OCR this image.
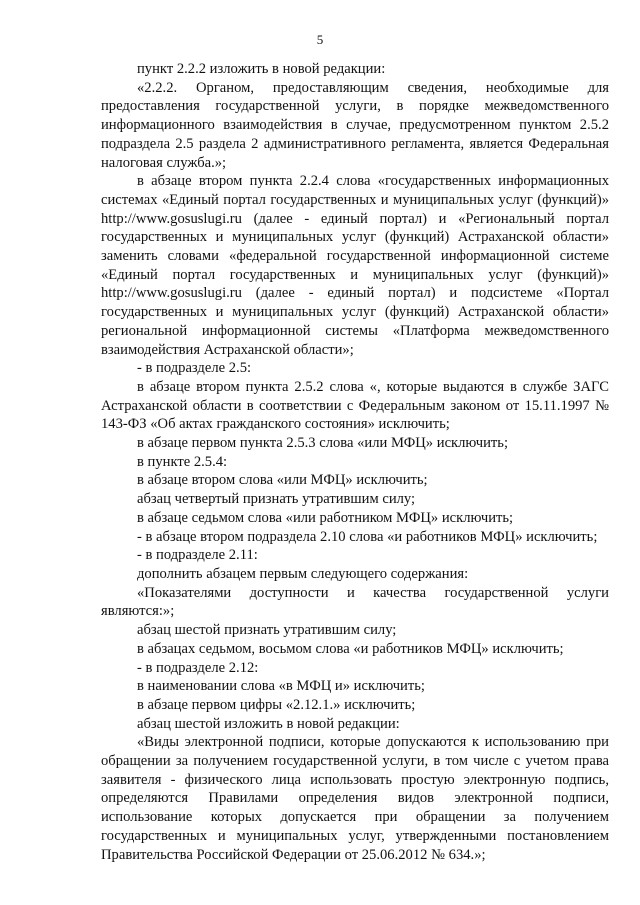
5

пункт 2.2.2 изложить в новой редакции:

«2.2.2. Органом, предоставляющим сведения, необходимые для предоставления государственной услуги, в порядке межведомственного информационного взаимодействия в случае, предусмотренном пунктом 2.5.2 подраздела 2.5 раздела 2 административного регламента, является Федеральная налоговая служба.»;

в абзаце втором пункта 2.2.4 слова «государственных информационных системах «Единый портал государственных и муниципальных услуг (функций)» http://www.gosuslugi.ru (далее - единый портал) и «Региональный портал государственных и муниципальных услуг (функций) Астраханской области» заменить словами «федеральной государственной информационной системе «Единый портал государственных и муниципальных услуг (функций)» http://www.gosuslugi.ru (далее - единый портал) и подсистеме «Портал государственных и муниципальных услуг (функций) Астраханской области» региональной информационной системы «Платформа межведомственного взаимодействия Астраханской области»;

- в подразделе 2.5:

в абзаце втором пункта 2.5.2 слова «, которые выдаются в службе ЗАГС Астраханской области в соответствии с Федеральным законом от 15.11.1997 № 143-ФЗ «Об актах гражданского состояния» исключить;

в абзаце первом пункта 2.5.3 слова «или МФЦ» исключить;

в пункте 2.5.4:

в абзаце втором слова «или МФЦ» исключить;

абзац четвертый признать утратившим силу;

в абзаце седьмом слова «или работником МФЦ» исключить;

- в абзаце втором подраздела 2.10 слова «и работников МФЦ» исключить;

- в подразделе 2.11:

дополнить абзацем первым следующего содержания:

«Показателями доступности и качества государственной услуги являются:»;

абзац шестой признать утратившим силу;

в абзацах седьмом, восьмом слова «и работников МФЦ» исключить;

- в подразделе 2.12:

в наименовании слова «в МФЦ и» исключить;

в абзаце первом цифры «2.12.1.» исключить;

абзац шестой изложить в новой редакции:

«Виды электронной подписи, которые допускаются к использованию при обращении за получением государственной услуги, в том числе с учетом права заявителя - физического лица использовать простую электронную подпись, определяются Правилами определения видов электронной подписи, использование которых допускается при обращении за получением государственных и муниципальных услуг, утвержденными постановлением Правительства Российской Федерации от 25.06.2012 № 634.»;
